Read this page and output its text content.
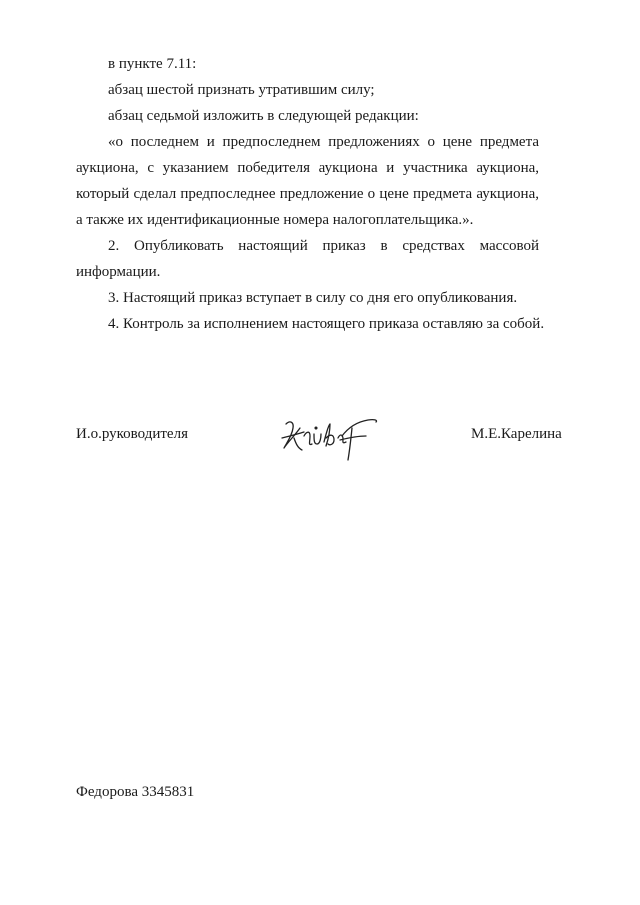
в пункте 7.11:
абзац шестой признать утратившим силу;
абзац седьмой изложить в следующей редакции:
«о последнем и предпоследнем предложениях о цене предмета
аукциона, с указанием победителя аукциона и участника аукциона,
который сделал предпоследнее предложение о цене предмета аукциона,
а также их идентификационные номера налогоплательщика.».
2. Опубликовать настоящий приказ в средствах массовой
информации.
3. Настоящий приказ вступает в силу со дня его опубликования.
4. Контроль за исполнением настоящего приказа оставляю за собой.
И.о.руководителя	М.Е.Карелина
Федорова 3345831
